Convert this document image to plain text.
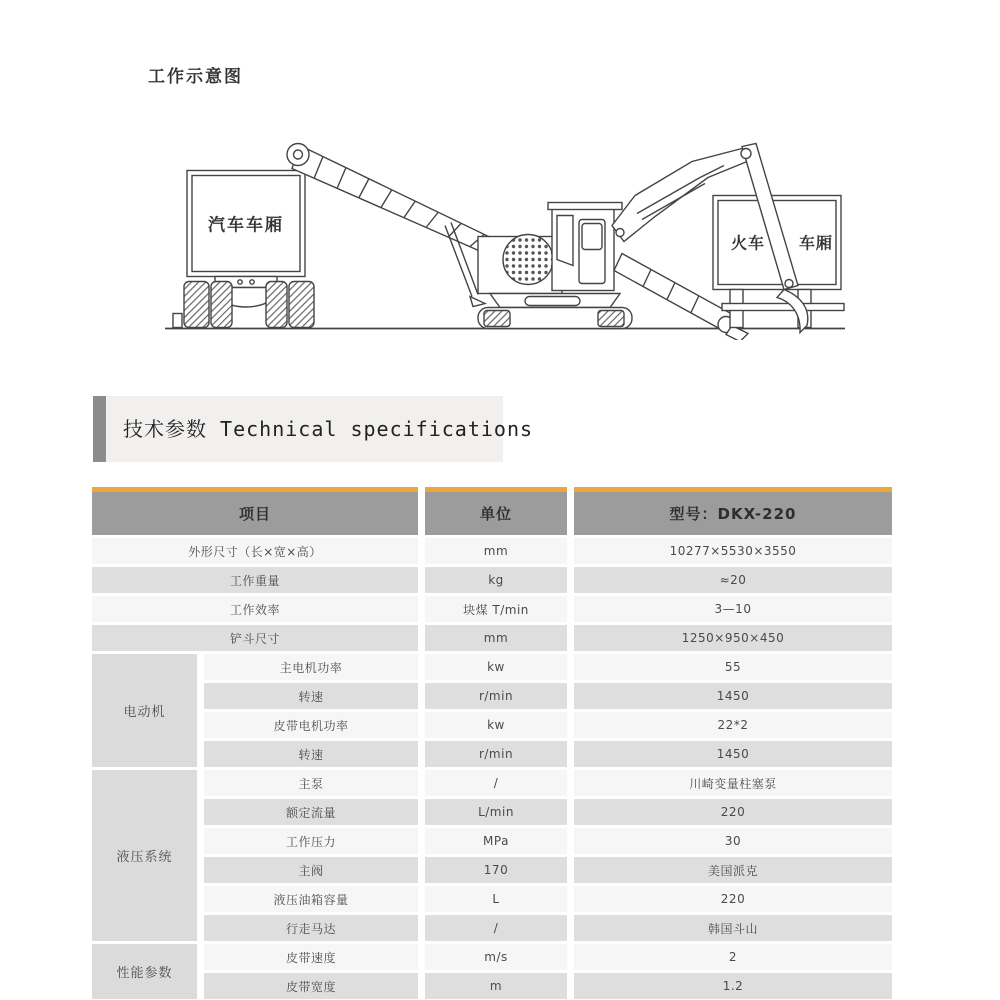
工作示意图
汽车车厢
火车 车厢
技术参数 Technical specifications
项目	单位	型号：DKX-220
外形尺寸（长×宽×高）	mm	10277×5530×3550
工作重量	kg	≈20
工作效率	块煤 T/min	3—10
铲斗尺寸	mm	1250×950×450
电动机
主电机功率	kw	55
转速	r/min	1450
皮带电机功率	kw	22*2
转速	r/min	1450
液压系统
主泵	/	川崎变量柱塞泵
额定流量	L/min	220
工作压力	MPa	30
主阀	170	美国派克
液压油箱容量	L	220
行走马达	/	韩国斗山
性能参数
皮带速度	m/s	2
皮带宽度	m	1.2
